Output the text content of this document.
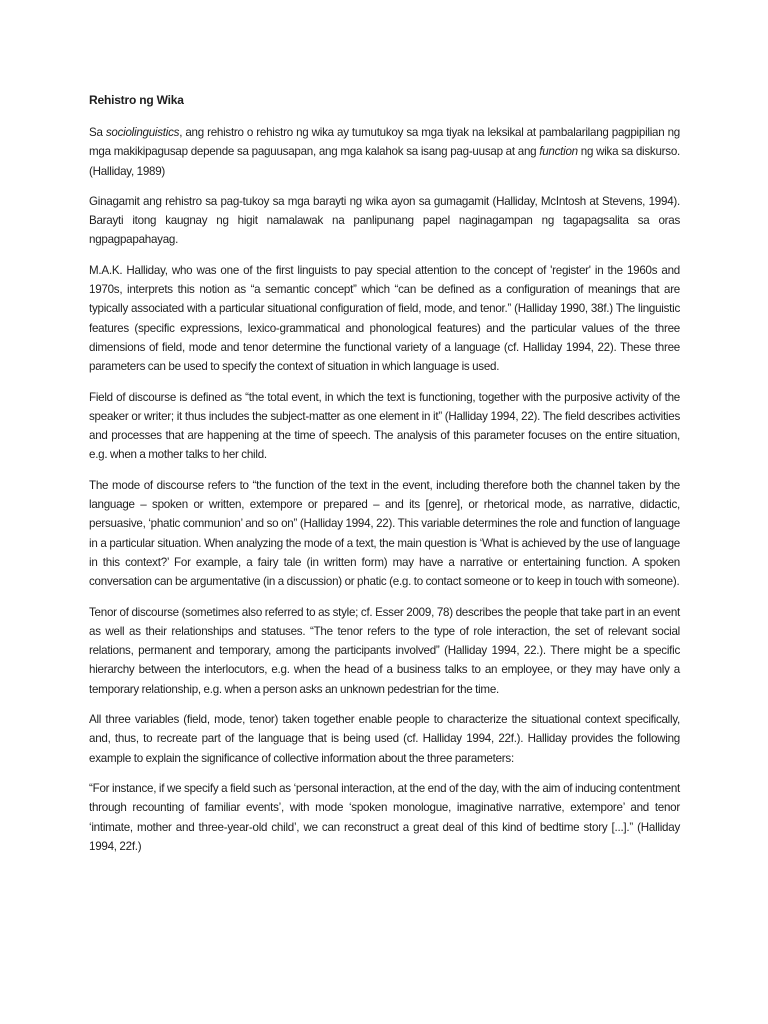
Rehistro ng Wika

Sa sociolinguistics, ang rehistro o rehistro ng wika ay tumutukoy sa mga tiyak na leksikal at pambalarilang pagpipilian ng mga makikipagusap depende sa paguusapan, ang mga kalahok sa isang pag-uusap at ang function ng wika sa diskurso. (Halliday, 1989)

Ginagamit ang rehistro sa pag-tukoy sa mga barayti ng wika ayon sa gumagamit (Halliday, McIntosh at Stevens, 1994). Barayti itong kaugnay ng higit namalawak na panlipunang papel naginagampan ng tagapagsalita sa oras ngpagpapahayag.

M.A.K. Halliday, who was one of the first linguists to pay special attention to the concept of 'register' in the 1960s and 1970s, interprets this notion as “a semantic concept” which “can be defined as a configuration of meanings that are typically associated with a particular situational configuration of field, mode, and tenor.” (Halliday 1990, 38f.) The linguistic features (specific expressions, lexico-grammatical and phonological features) and the particular values of the three dimensions of field, mode and tenor determine the functional variety of a language (cf. Halliday 1994, 22). These three parameters can be used to specify the context of situation in which language is used.

Field of discourse is defined as “the total event, in which the text is functioning, together with the purposive activity of the speaker or writer; it thus includes the subject-matter as one element in it” (Halliday 1994, 22). The field describes activities and processes that are happening at the time of speech. The analysis of this parameter focuses on the entire situation, e.g. when a mother talks to her child.

The mode of discourse refers to “the function of the text in the event, including therefore both the channel taken by the language – spoken or written, extempore or prepared – and its [genre], or rhetorical mode, as narrative, didactic, persuasive, ‘phatic communion’ and so on” (Halliday 1994, 22). This variable determines the role and function of language in a particular situation. When analyzing the mode of a text, the main question is ‘What is achieved by the use of language in this context?’ For example, a fairy tale (in written form) may have a narrative or entertaining function. A spoken conversation can be argumentative (in a discussion) or phatic (e.g. to contact someone or to keep in touch with someone).

Tenor of discourse (sometimes also referred to as style; cf. Esser 2009, 78) describes the people that take part in an event as well as their relationships and statuses. “The tenor refers to the type of role interaction, the set of relevant social relations, permanent and temporary, among the participants involved” (Halliday 1994, 22.). There might be a specific hierarchy between the interlocutors, e.g. when the head of a business talks to an employee, or they may have only a temporary relationship, e.g. when a person asks an unknown pedestrian for the time.

All three variables (field, mode, tenor) taken together enable people to characterize the situational context specifically, and, thus, to recreate part of the language that is being used (cf. Halliday 1994, 22f.). Halliday provides the following example to explain the significance of collective information about the three parameters:

“For instance, if we specify a field such as ‘personal interaction, at the end of the day, with the aim of inducing contentment through recounting of familiar events’, with mode ‘spoken monologue, imaginative narrative, extempore’ and tenor ‘intimate, mother and three-year-old child’, we can reconstruct a great deal of this kind of bedtime story [...].” (Halliday 1994, 22f.)
